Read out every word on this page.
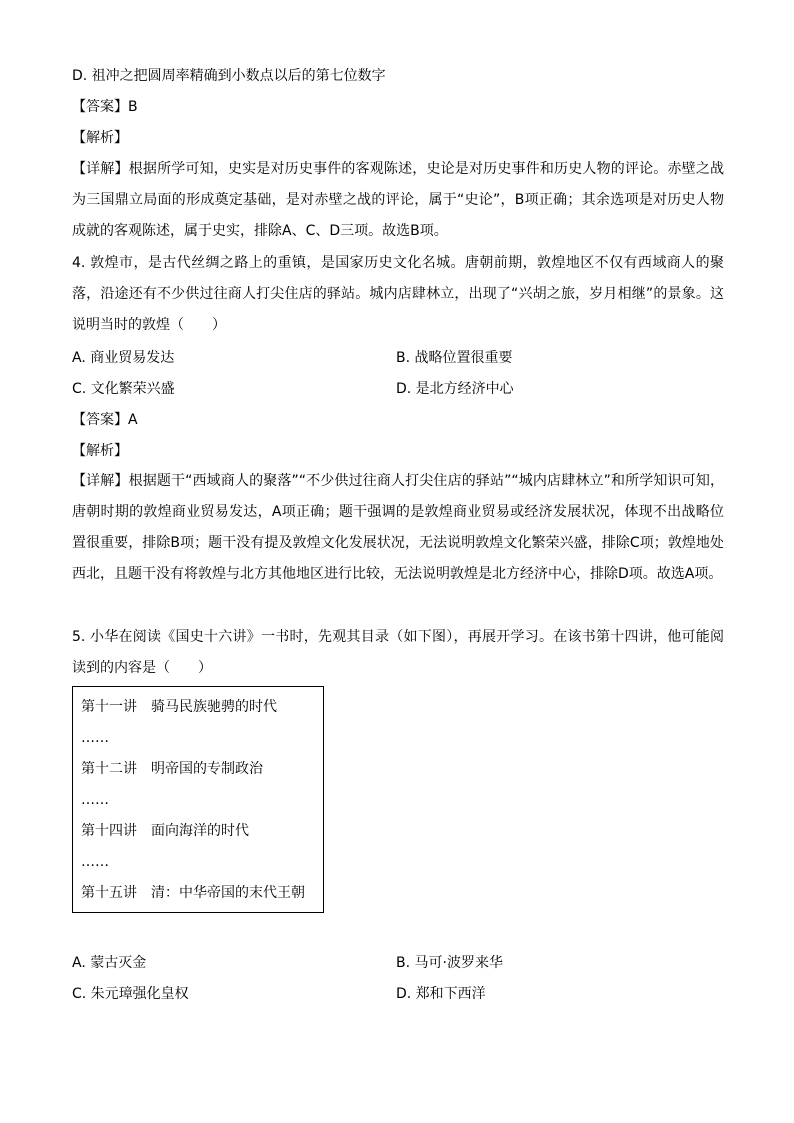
D. 祖冲之把圆周率精确到小数点以后的第七位数字
【答案】B
【解析】
【详解】根据所学可知，史实是对历史事件的客观陈述，史论是对历史事件和历史人物的评论。赤壁之战为三国鼎立局面的形成奠定基础，是对赤壁之战的评论，属于“史论”，B项正确；其余选项是对历史人物成就的客观陈述，属于史实，排除A、C、D三项。故选B项。
4. 敦煌市，是古代丝绸之路上的重镇，是国家历史文化名城。唐朝前期，敦煌地区不仅有西域商人的聚落，沿途还有不少供过往商人打尖住店的驿站。城内店肆林立，出现了“兴胡之旅，岁月相继”的景象。这说明当时的敦煌（　　）
A. 商业贸易发达	B. 战略位置很重要
C. 文化繁荣兴盛	D. 是北方经济中心
【答案】A
【解析】
【详解】根据题干“西域商人的聚落”“不少供过往商人打尖住店的驿站”“城内店肆林立”和所学知识可知，唐朝时期的敦煌商业贸易发达，A项正确；题干强调的是敦煌商业贸易或经济发展状况，体现不出战略位置很重要，排除B项；题干没有提及敦煌文化发展状况，无法说明敦煌文化繁荣兴盛，排除C项；敦煌地处西北，且题干没有将敦煌与北方其他地区进行比较，无法说明敦煌是北方经济中心，排除D项。故选A项。
5. 小华在阅读《国史十六讲》一书时，先观其目录（如下图），再展开学习。在该书第十四讲，他可能阅读到的内容是（　　）
第十一讲　骑马民族驰骋的时代
……
第十二讲　明帝国的专制政治
……
第十四讲　面向海洋的时代
……
第十五讲　清：中华帝国的末代王朝
A. 蒙古灭金	B. 马可·波罗来华
C. 朱元璋强化皇权	D. 郑和下西洋
